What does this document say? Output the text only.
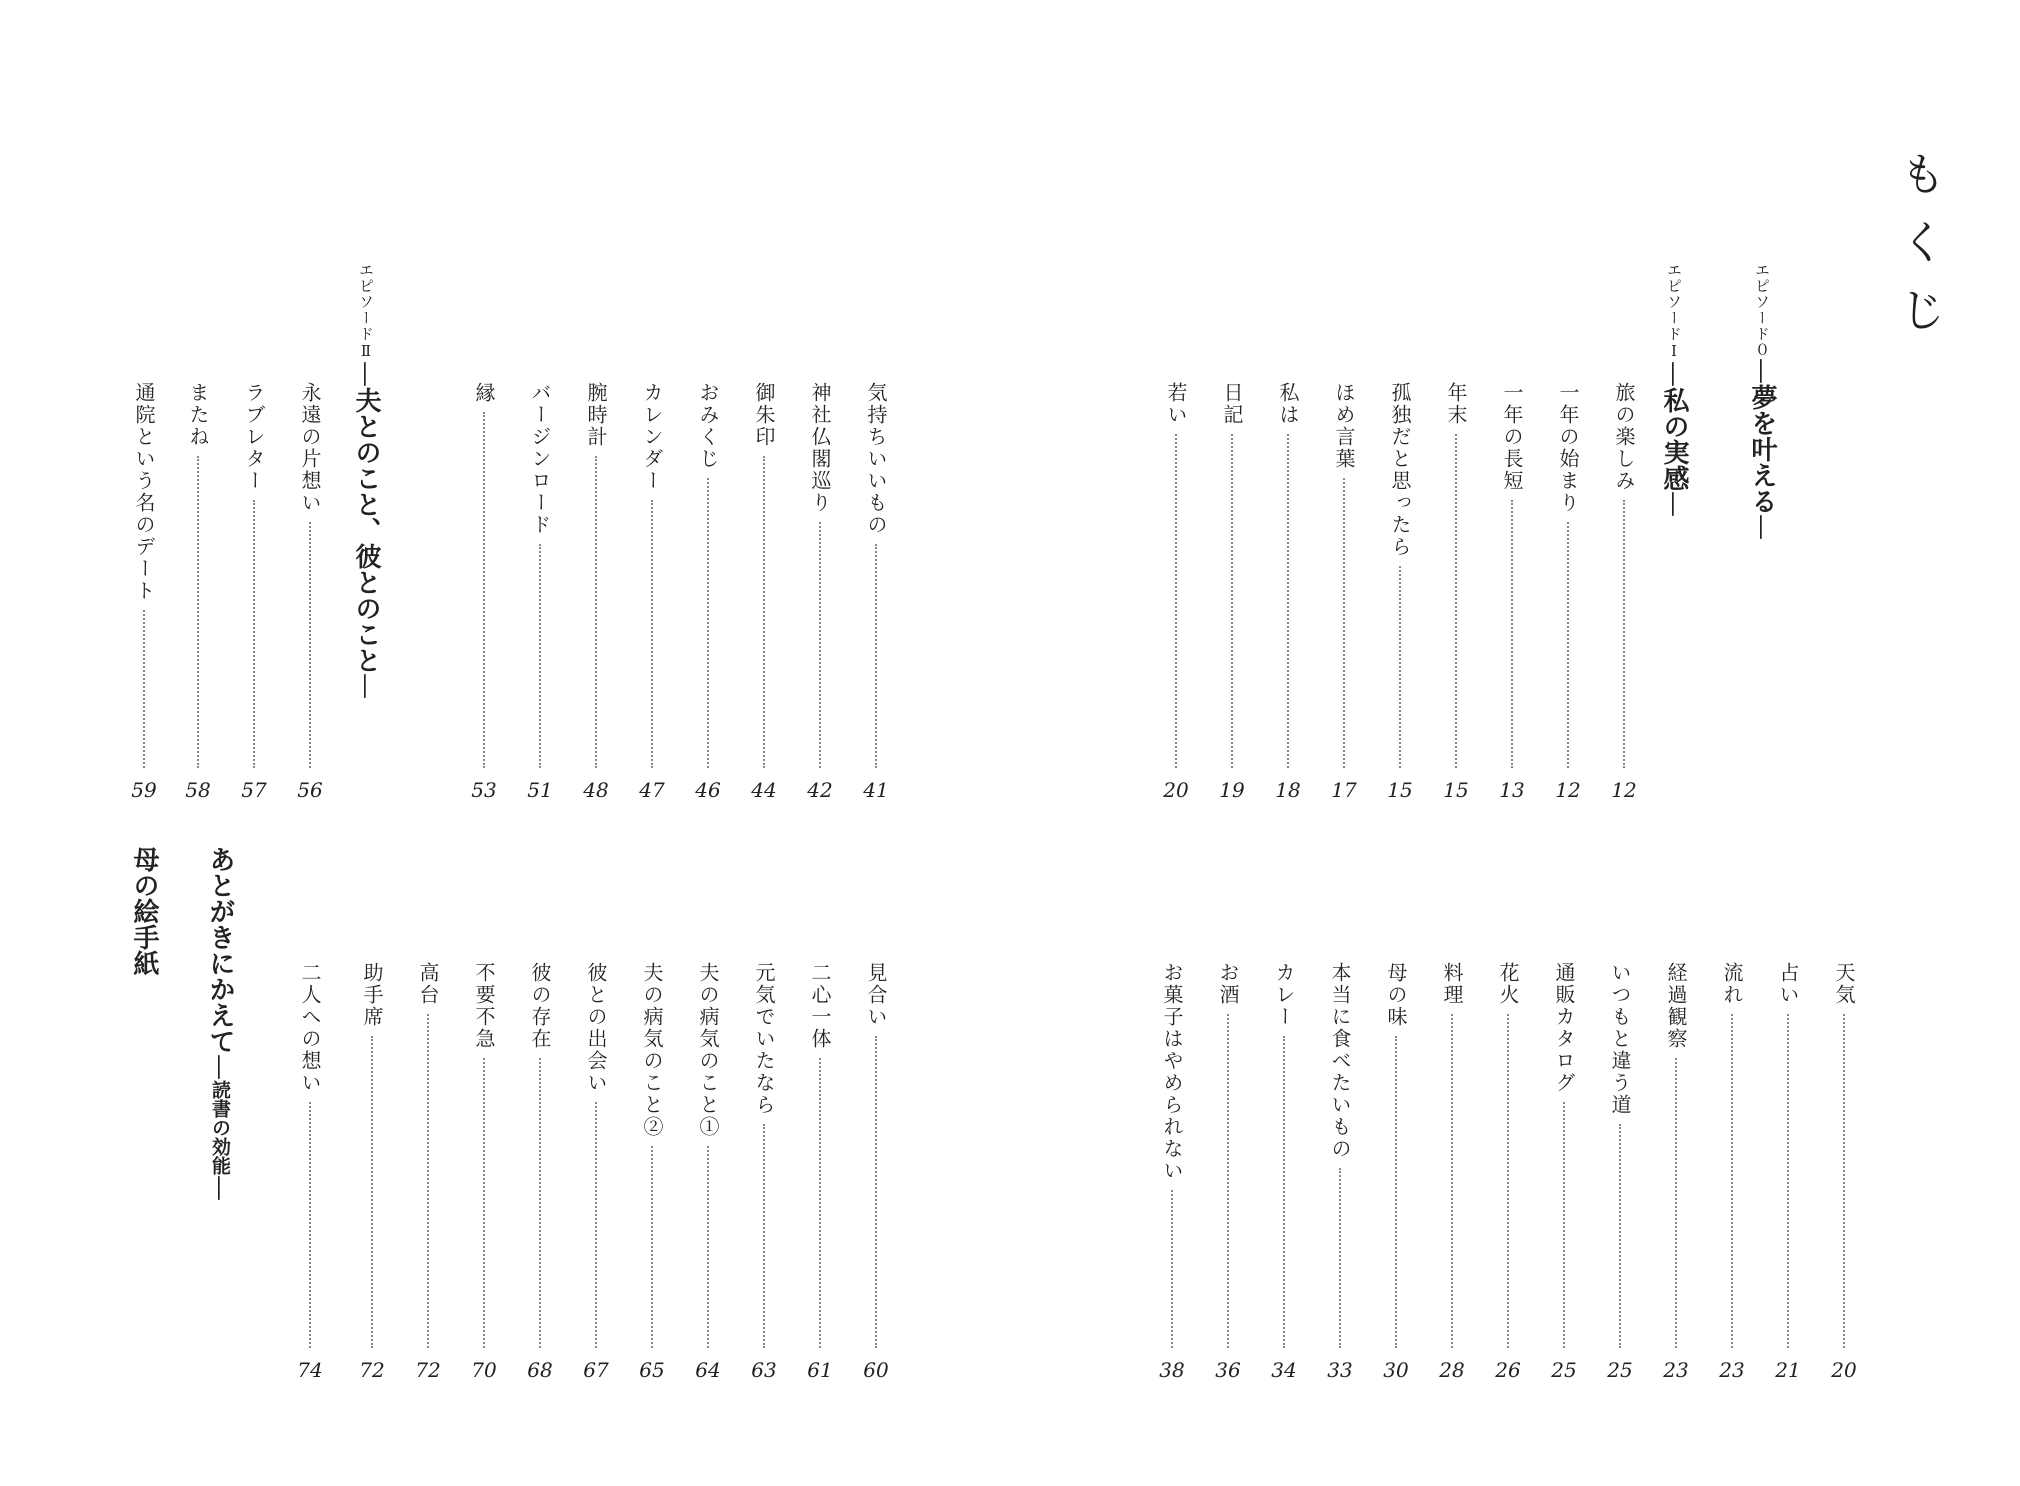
もくじ
エピソード０—夢を叶える—
エピソードⅠ—私の実感—
エピソードⅡ—夫とのこと、彼とのこと—
あとがきにかえて—読書の効能—
母の絵手紙
旅の楽しみ
12
一年の始まり
12
一年の長短
13
年末
15
孤独だと思ったら
15
ほめ言葉
17
私は
18
日記
19
若い
20
気持ちいいもの
41
神社仏閣巡り
42
御朱印
44
おみくじ
46
カレンダー
47
腕時計
48
バージンロード
51
縁
53
永遠の片想い
56
ラブレター
57
またね
58
通院という名のデート
59
天気
20
占い
21
流れ
23
経過観察
23
いつもと違う道
25
通販カタログ
25
花火
26
料理
28
母の味
30
本当に食べたいもの
33
カレー
34
お酒
36
お菓子はやめられない
38
見合い
60
二心一体
61
元気でいたなら
63
夫の病気のこと①
64
夫の病気のこと②
65
彼との出会い
67
彼の存在
68
不要不急
70
高台
72
助手席
72
二人への想い
74
